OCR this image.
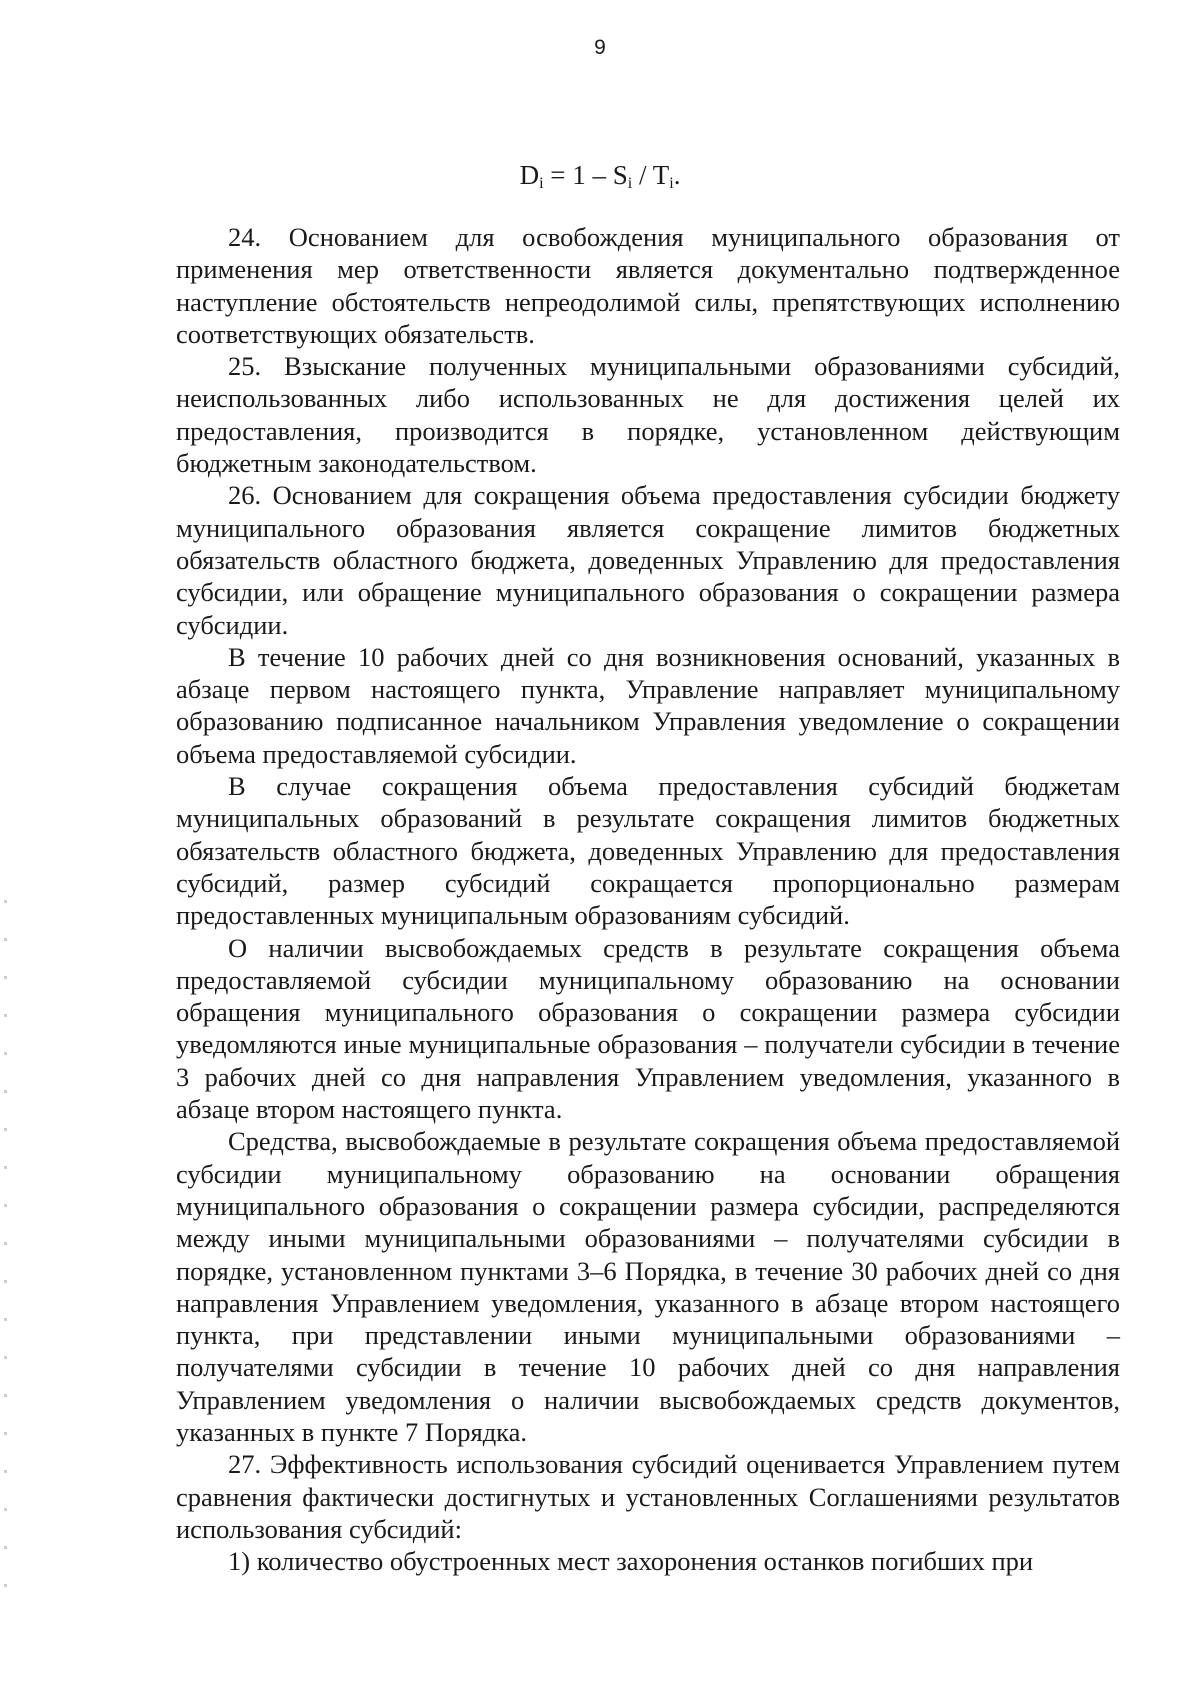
9
$D_i = 1 - S_i / T_i$.

24. Основанием для освобождения муниципального образования от применения мер ответственности является документально подтвержденное наступление обстоятельств непреодолимой силы, препятствующих исполнению соответствующих обязательств.

25. Взыскание полученных муниципальными образованиями субсидий, неиспользованных либо использованных не для достижения целей их предоставления, производится в порядке, установленном действующим бюджетным законодательством.

26. Основанием для сокращения объема предоставления субсидии бюджету муниципального образования является сокращение лимитов бюджетных обязательств областного бюджета, доведенных Управлению для предоставления субсидии, или обращение муниципального образования о сокращении размера субсидии.

В течение 10 рабочих дней со дня возникновения оснований, указанных в абзаце первом настоящего пункта, Управление направляет муниципальному образованию подписанное начальником Управления уведомление о сокращении объема предоставляемой субсидии.

В случае сокращения объема предоставления субсидий бюджетам муниципальных образований в результате сокращения лимитов бюджетных обязательств областного бюджета, доведенных Управлению для предоставления субсидий, размер субсидий сокращается пропорционально размерам предоставленных муниципальным образованиям субсидий.

О наличии высвобождаемых средств в результате сокращения объема предоставляемой субсидии муниципальному образованию на основании обращения муниципального образования о сокращении размера субсидии уведомляются иные муниципальные образования – получатели субсидии в течение 3 рабочих дней со дня направления Управлением уведомления, указанного в абзаце втором настоящего пункта.

Средства, высвобождаемые в результате сокращения объема предоставляемой субсидии муниципальному образованию на основании обращения муниципального образования о сокращении размера субсидии, распределяются между иными муниципальными образованиями – получателями субсидии в порядке, установленном пунктами 3–6 Порядка, в течение 30 рабочих дней со дня направления Управлением уведомления, указанного в абзаце втором настоящего пункта, при представлении иными муниципальными образованиями – получателями субсидии в течение 10 рабочих дней со дня направления Управлением уведомления о наличии высвобождаемых средств документов, указанных в пункте 7 Порядка.

27. Эффективность использования субсидий оценивается Управлением путем сравнения фактически достигнутых и установленных Соглашениями результатов использования субсидий:

1) количество обустроенных мест захоронения останков погибших при
